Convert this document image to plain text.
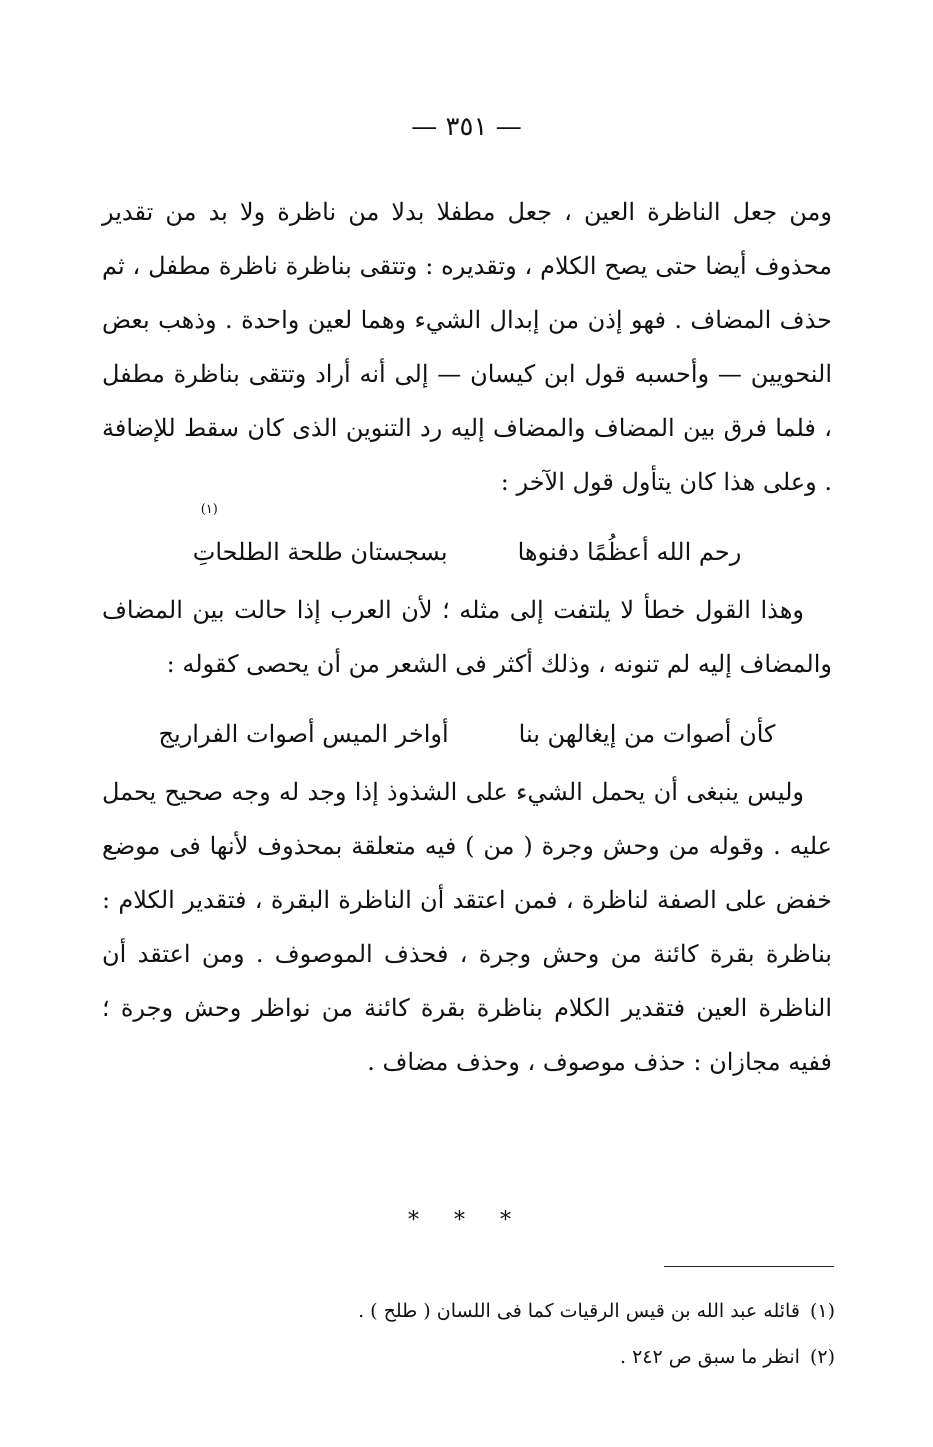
— ٣٥١ —

ومن جعل الناظرة العين ، جعل مطفلا بدلا من ناظرة ولا بد من تقدير محذوف أيضا حتى يصح الكلام ، وتقديره : وتتقى بناظرة ناظرة مطفل ، ثم حذف المضاف . فهو إذن من إبدال الشيء وهما لعين واحدة . وذهب بعض النحويين — وأحسبه قول ابن كيسان — إلى أنه أراد وتتقى بناظرة مطفل ، فلما فرق بين المضاف والمضاف إليه رد التنوين الذى كان سقط للإضافة . وعلى هذا كان يتأول قول الآخر :

رحم الله أعظُمًا دفنوها
(١)
بسجستان طلحة الطلحاتِ

وهذا القول خطأ لا يلتفت إلى مثله ؛ لأن العرب إذا حالت بين المضاف والمضاف إليه لم تنونه ، وذلك أكثر فى الشعر من أن يحصى كقوله :

كأن أصوات من إيغالهن بنا
أواخر الميس أصوات الفراريج

وليس ينبغى أن يحمل الشيء على الشذوذ إذا وجد له وجه صحيح يحمل عليه . وقوله من وحش وجرة ( من ) فيه متعلقة بمحذوف لأنها فى موضع خفض على الصفة لناظرة ، فمن اعتقد أن الناظرة البقرة ، فتقدير الكلام : بناظرة بقرة كائنة من وحش وجرة ، فحذف الموصوف . ومن اعتقد أن الناظرة العين فتقدير الكلام بناظرة بقرة كائنة من نواظر وحش وجرة ؛ ففيه مجازان : حذف موصوف ، وحذف مضاف .

* * *

(١)قائله عبد الله بن قيس الرقيات كما فى اللسان ( طلح ) .

(٢)انظر ما سبق ص ٢٤٢ .
